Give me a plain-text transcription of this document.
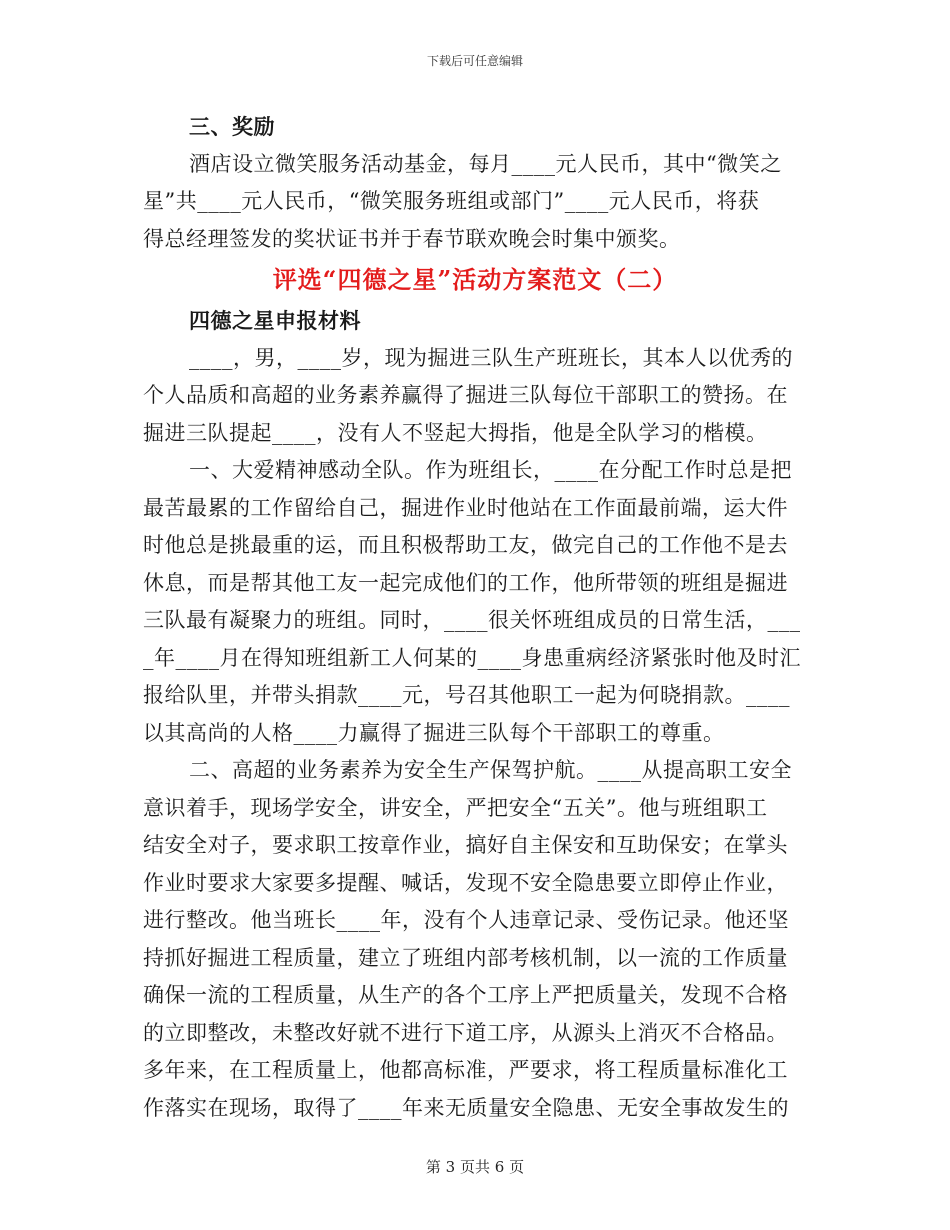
下载后可任意编辑
三、奖励
酒店设立微笑服务活动基金，每月____元人民币，其中“微笑之
星”共____元人民币，“微笑服务班组或部门”____元人民币，将获
得总经理签发的奖状证书并于春节联欢晚会时集中颁奖。
评选“四德之星”活动方案范文（二）
四德之星申报材料
____，男，____岁，现为掘进三队生产班班长，其本人以优秀的
个人品质和高超的业务素养赢得了掘进三队每位干部职工的赞扬。在
掘进三队提起____，没有人不竖起大拇指，他是全队学习的楷模。
一、大爱精神感动全队。作为班组长，____在分配工作时总是把
最苦最累的工作留给自己，掘进作业时他站在工作面最前端，运大件
时他总是挑最重的运，而且积极帮助工友，做完自己的工作他不是去
休息，而是帮其他工友一起完成他们的工作，他所带领的班组是掘进
三队最有凝聚力的班组。同时，____很关怀班组成员的日常生活，___
_年____月在得知班组新工人何某的____身患重病经济紧张时他及时汇
报给队里，并带头捐款____元，号召其他职工一起为何晓捐款。____
以其高尚的人格____力赢得了掘进三队每个干部职工的尊重。
二、高超的业务素养为安全生产保驾护航。____从提高职工安全
意识着手，现场学安全，讲安全，严把安全“五关”。他与班组职工
结安全对子，要求职工按章作业，搞好自主保安和互助保安；在掌头
作业时要求大家要多提醒、喊话，发现不安全隐患要立即停止作业，
进行整改。他当班长____年，没有个人违章记录、受伤记录。他还坚
持抓好掘进工程质量，建立了班组内部考核机制，以一流的工作质量
确保一流的工程质量，从生产的各个工序上严把质量关，发现不合格
的立即整改，未整改好就不进行下道工序，从源头上消灭不合格品。
多年来，在工程质量上，他都高标准，严要求，将工程质量标准化工
作落实在现场，取得了____年来无质量安全隐患、无安全事故发生的
第 3 页共 6 页
